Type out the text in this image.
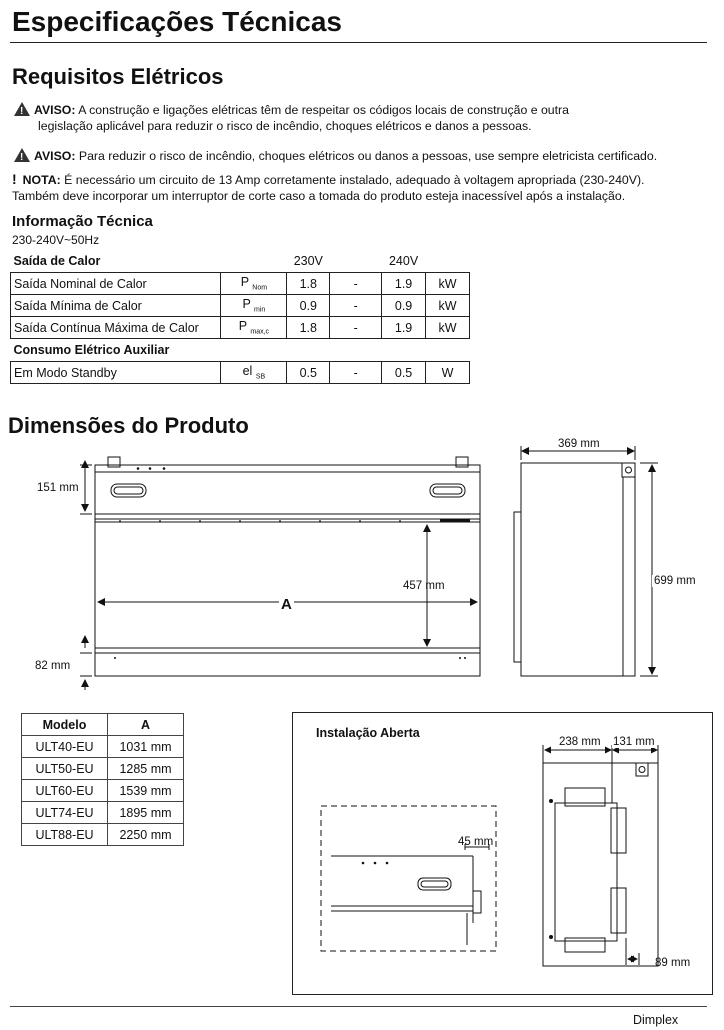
Especificações Técnicas
Requisitos Elétricos
!AVISO: A construção e ligações elétricas têm de respeitar os códigos locais de construção e outra
legislação aplicável para reduzir o risco de incêndio, choques elétricos e danos a pessoas.
!AVISO: Para reduzir o risco de incêndio, choques elétricos ou danos a pessoas, use sempre eletricista certificado.
! NOTA: É necessário um circuito de 13 Amp corretamente instalado, adequado à voltagem apropriada (230-240V).
Também deve incorporar um interruptor de corte caso a tomada do produto esteja inacessível após a instalação.
Informação Técnica
230-240V~50Hz
Saída de Calor		230V		240V	
Saída Nominal de Calor	P $_{Nom}$	1.8	-	1.9	kW
Saída Mínima de Calor	P $_{min}$	0.9	-	0.9	kW
Saída Contínua Máxima de Calor	P $_{max,c}$	1.8	-	1.9	kW
Consumo Elétrico Auxiliar					
Em Modo Standby	el $_{SB}$	0.5	-	0.5	W
Dimensões do Produto
151 mm
82 mm
457 mm
A
369 mm
699 mm
Modelo	A
ULT40-EU	1031 mm
ULT50-EU	1285 mm
ULT60-EU	1539 mm
ULT74-EU	1895 mm
ULT88-EU	2250 mm
Instalação Aberta
238 mm 131 mm
45 mm
89 mm
Dimplex
